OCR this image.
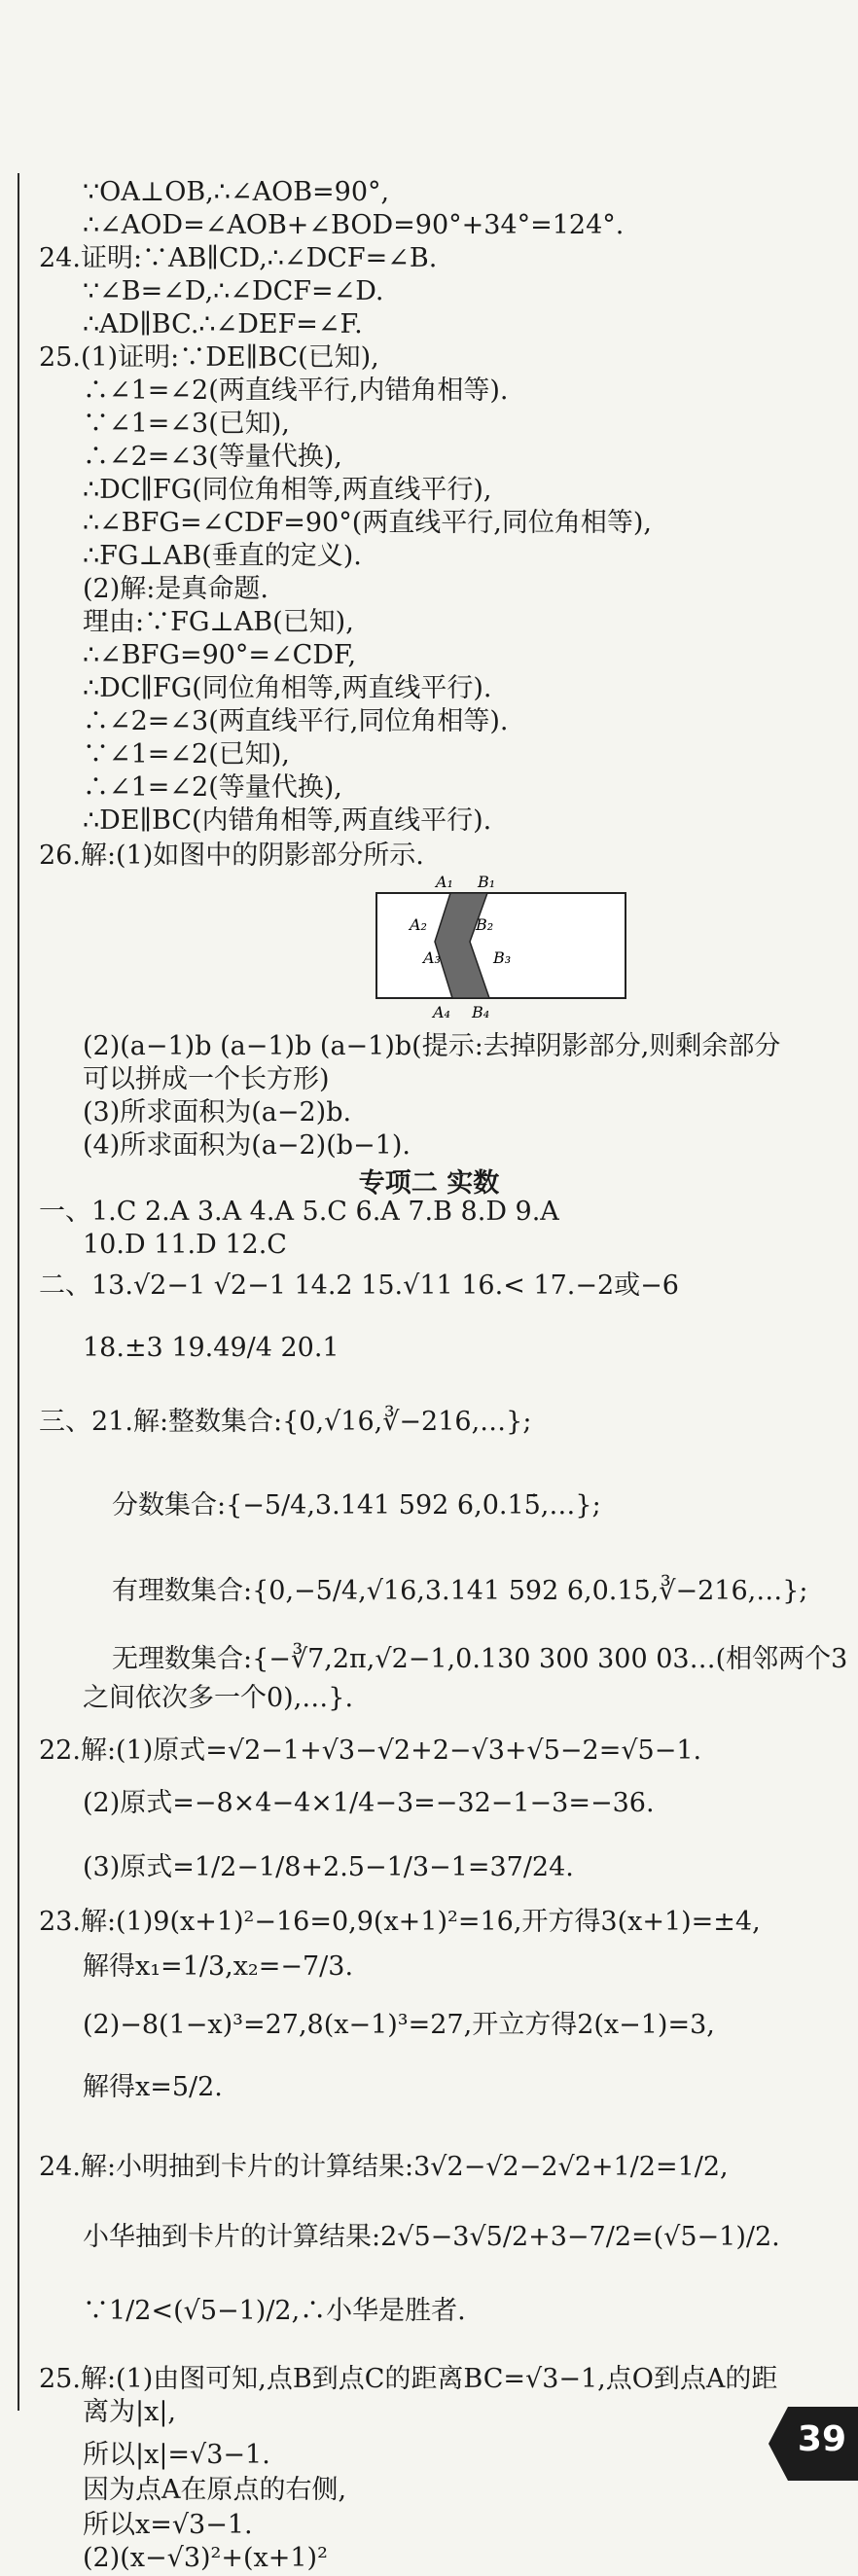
∵OA⊥OB,∴∠AOB=90°,
∴∠AOD=∠AOB+∠BOD=90°+34°=124°.
24.证明:∵AB∥CD,∴∠DCF=∠B.
∵∠B=∠D,∴∠DCF=∠D.
∴AD∥BC.∴∠DEF=∠F.
25.(1)证明:∵DE∥BC(已知),
∴∠1=∠2(两直线平行,内错角相等).
∵∠1=∠3(已知),
∴∠2=∠3(等量代换),
∴DC∥FG(同位角相等,两直线平行),
∴∠BFG=∠CDF=90°(两直线平行,同位角相等),
∴FG⊥AB(垂直的定义).
(2)解:是真命题.
理由:∵FG⊥AB(已知),
∴∠BFG=90°=∠CDF,
∴DC∥FG(同位角相等,两直线平行).
∴∠2=∠3(两直线平行,同位角相等).
∵∠1=∠2(已知),
∴∠1=∠2(等量代换),
∴DE∥BC(内错角相等,两直线平行).
26.解:(1)如图中的阴影部分所示.
(2)(a−1)b (a−1)b (a−1)b(提示:去掉阴影部分,则剩余部分
可以拼成一个长方形)
(3)所求面积为(a−2)b.
(4)所求面积为(a−2)(b−1).
一、1.C 2.A 3.A 4.A 5.C 6.A 7.B 8.D 9.A
10.D 11.D 12.C
二、13.√2−1 √2−1 14.2 15.√11 16.< 17.−2或−6
18.±3 19.49/4 20.1
三、21.解:整数集合:{0,√16,∛−216,…};
分数集合:{−5/4,3.141 592 6,0.15̇,…};
有理数集合:{0,−5/4,√16,3.141 592 6,0.15̇,∛−216,…};
无理数集合:{−∛7,2π,√2−1,0.130 300 300 03…(相邻两个3
之间依次多一个0),…}.
22.解:(1)原式=√2−1+√3−√2+2−√3+√5−2=√5−1.
(2)原式=−8×4−4×1/4−3=−32−1−3=−36.
(3)原式=1/2−1/8+2.5−1/3−1=37/24.
23.解:(1)9(x+1)²−16=0,9(x+1)²=16,开方得3(x+1)=±4,
解得x₁=1/3,x₂=−7/3.
(2)−8(1−x)³=27,8(x−1)³=27,开立方得2(x−1)=3,
解得x=5/2.
24.解:小明抽到卡片的计算结果:3√2−√2−2√2+1/2=1/2,
小华抽到卡片的计算结果:2√5−3√5/2+3−7/2=(√5−1)/2.
∵1/2<(√5−1)/2,∴小华是胜者.
25.解:(1)由图可知,点B到点C的距离BC=√3−1,点O到点A的距
离为|x|,
所以|x|=√3−1.
因为点A在原点的右侧,
所以x=√3−1.
(2)(x−√3)²+(x+1)²
专项二 实数
A₁ B₁
A₂	B₂
A₃	B₃
A₄ B₄
39
